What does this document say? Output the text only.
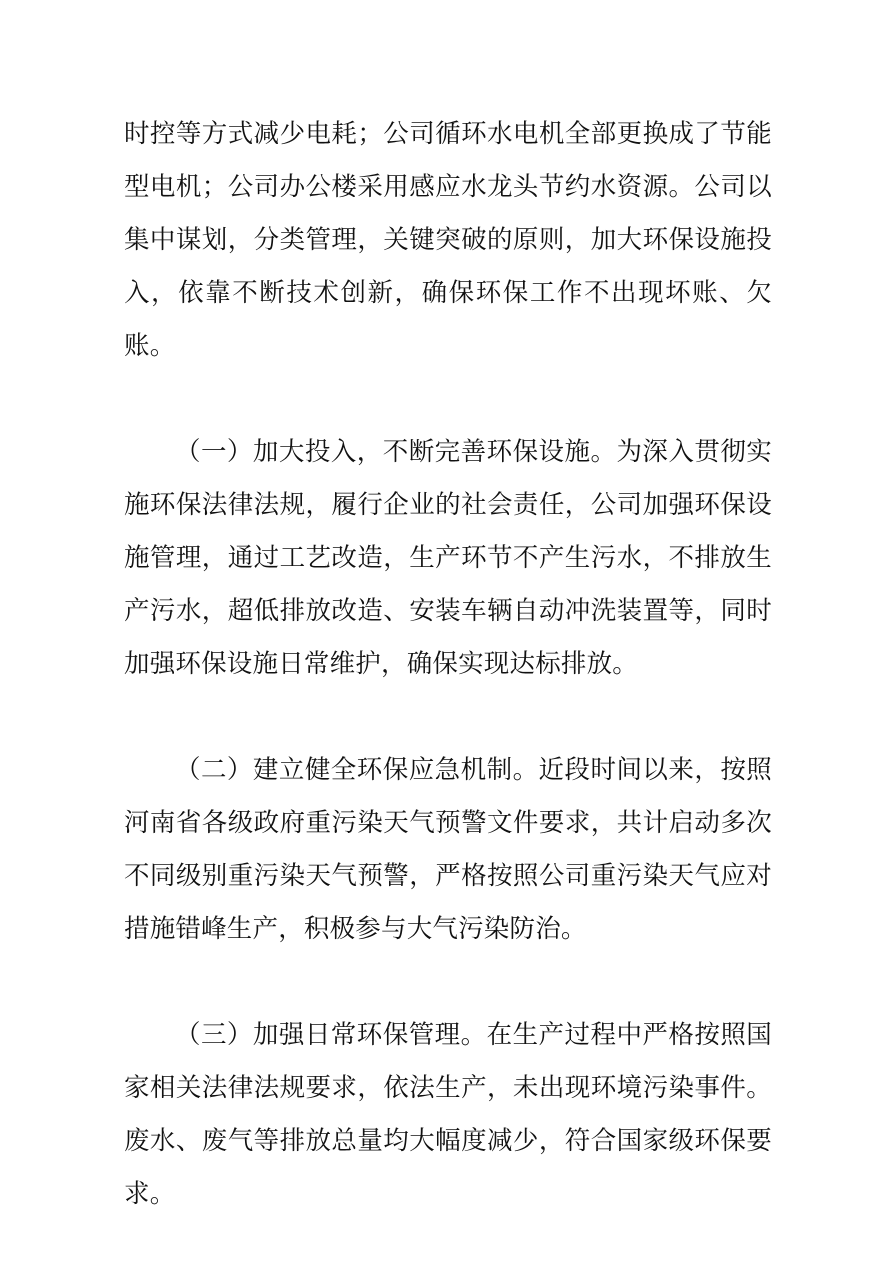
时控等方式减少电耗；公司循环水电机全部更换成了节能型电机；公司办公楼采用感应水龙头节约水资源。公司以集中谋划，分类管理，关键突破的原则，加大环保设施投入，依靠不断技术创新，确保环保工作不出现坏账、欠账。

（一）加大投入，不断完善环保设施。为深入贯彻实施环保法律法规，履行企业的社会责任，公司加强环保设施管理，通过工艺改造，生产环节不产生污水，不排放生产污水，超低排放改造、安装车辆自动冲洗装置等，同时加强环保设施日常维护，确保实现达标排放。

（二）建立健全环保应急机制。近段时间以来，按照河南省各级政府重污染天气预警文件要求，共计启动多次不同级别重污染天气预警，严格按照公司重污染天气应对措施错峰生产，积极参与大气污染防治。

（三）加强日常环保管理。在生产过程中严格按照国家相关法律法规要求，依法生产，未出现环境污染事件。废水、废气等排放总量均大幅度减少，符合国家级环保要求。
